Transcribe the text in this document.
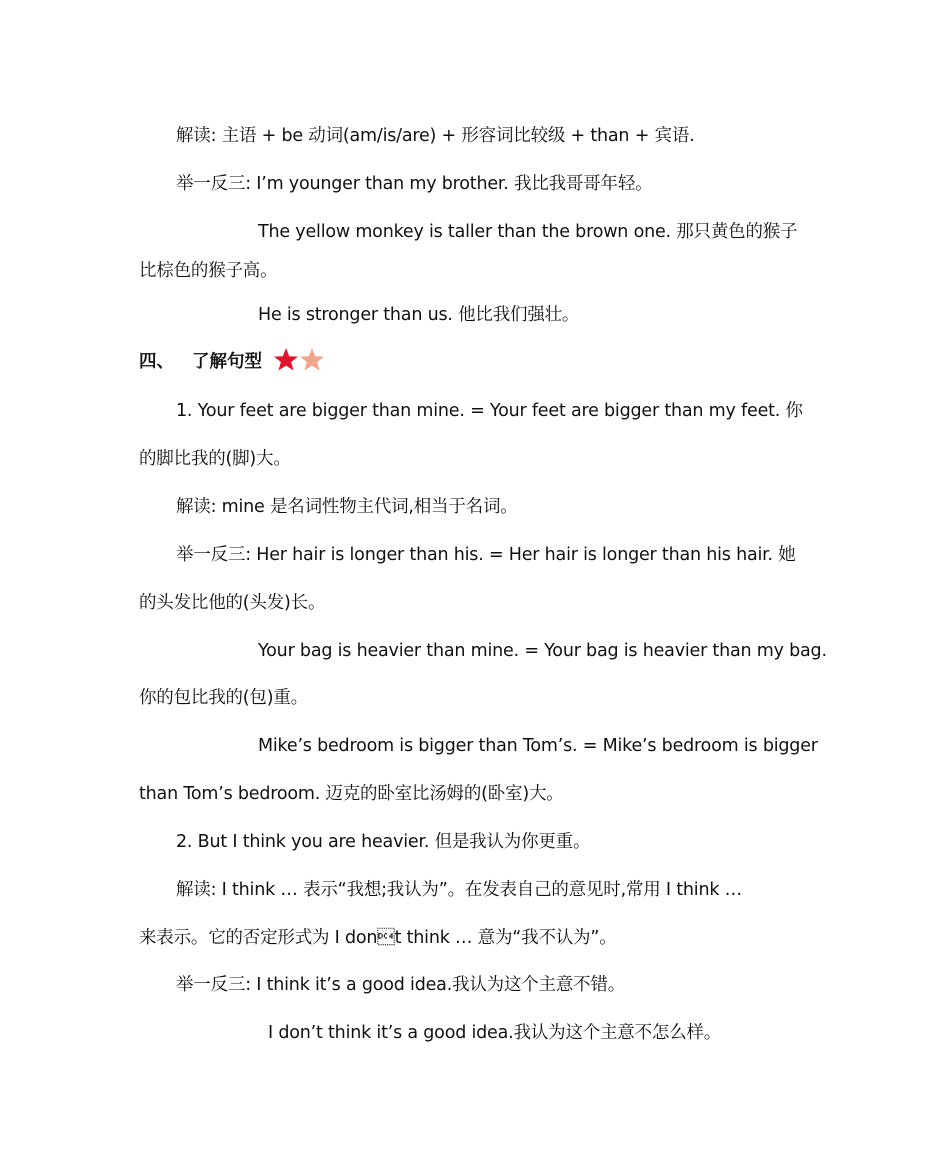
解读: 主语 + be 动词(am/is/are) + 形容词比较级 + than + 宾语.
举一反三: I’m younger than my brother. 我比我哥哥年轻。
The yellow monkey is taller than the brown one. 那只黄色的猴子
比棕色的猴子高。
He is stronger than us. 他比我们强壮。
四、 了解句型
1. Your feet are bigger than mine. = Your feet are bigger than my feet. 你
的脚比我的(脚)大。
解读: mine 是名词性物主代词,相当于名词。
举一反三: Her hair is longer than his. = Her hair is longer than his hair. 她
的头发比他的(头发)长。
Your bag is heavier than mine. = Your bag is heavier than my bag.
你的包比我的(包)重。
Mike’s bedroom is bigger than Tom’s. = Mike’s bedroom is bigger
than Tom’s bedroom. 迈克的卧室比汤姆的(卧室)大。
2. But I think you are heavier. 但是我认为你更重。
解读: I think … 表示“我想;我认为”。在发表自己的意见时,常用 I think …
来表示。它的否定形式为 I dont think … 意为“我不认为”。
举一反三: I think it’s a good idea.我认为这个主意不错。
I don’t think it’s a good idea.我认为这个主意不怎么样。
